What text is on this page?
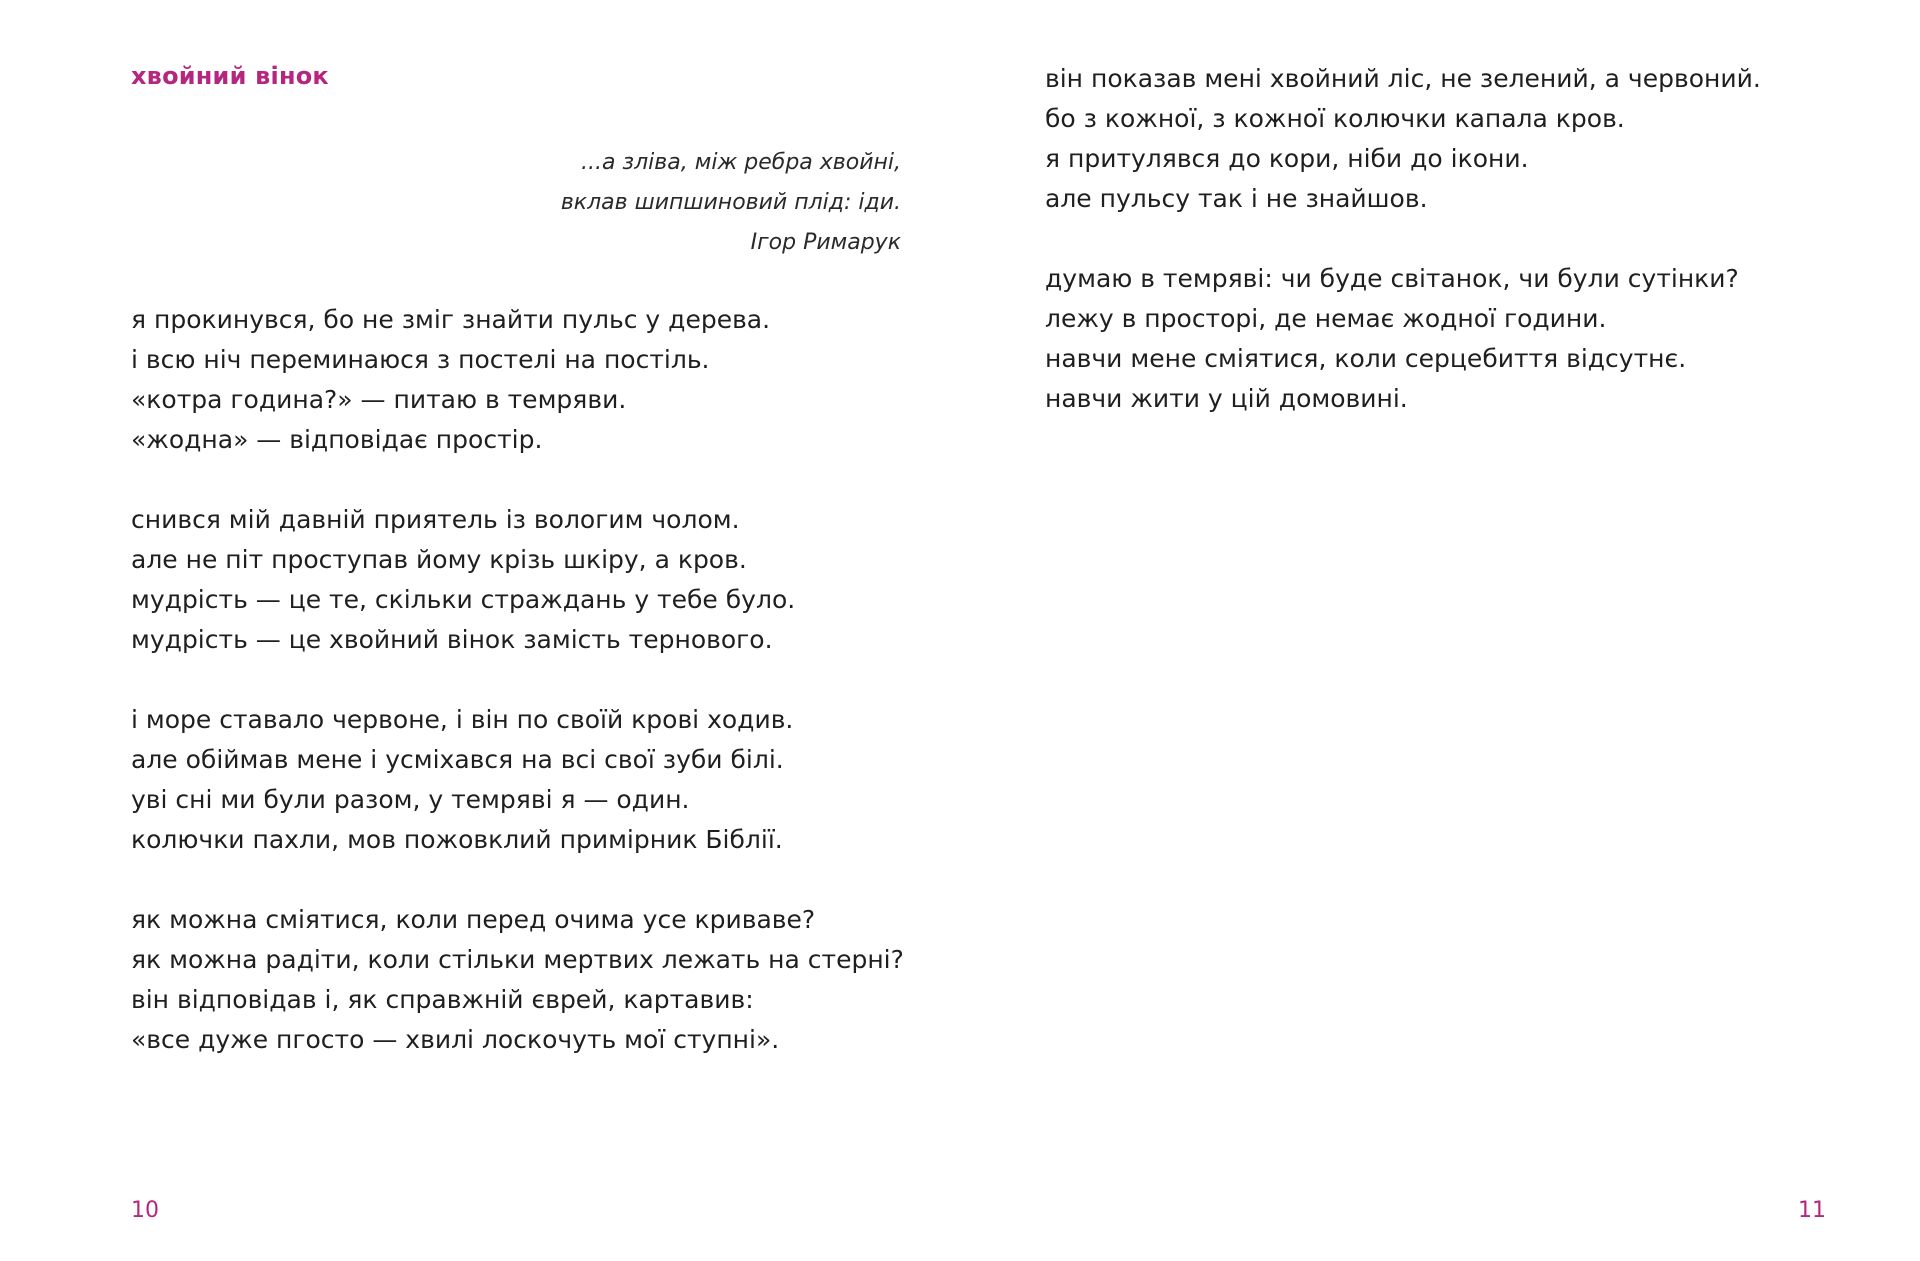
хвойний вінок
...а зліва, між ребра хвойні,
вклав шипшиновий плід: іди.
Ігор Римарук
я прокинувся, бо не зміг знайти пульс у дерева.
і всю ніч переминаюся з постелі на постіль.
«котра година?» — питаю в темряви.
«жодна» — відповідає простір.
снився мій давній приятель із вологим чолом.
але не піт проступав йому крізь шкіру, а кров.
мудрість — це те, скільки страждань у тебе було.
мудрість — це хвойний вінок замість тернового.
і море ставало червоне, і він по своїй крові ходив.
але обіймав мене і усміхався на всі свої зуби білі.
уві сні ми були разом, у темряві я — один.
колючки пахли, мов пожовклий примірник Біблії.
як можна сміятися, коли перед очима усе криваве?
як можна радіти, коли стільки мертвих лежать на стерні?
він відповідав і, як справжній єврей, картавив:
«все дуже пгосто — хвилі лоскочуть мої ступні».
10
він показав мені хвойний ліс, не зелений, а червоний.
бо з кожної, з кожної колючки капала кров.
я притулявся до кори, ніби до ікони.
але пульсу так і не знайшов.
думаю в темряві: чи буде світанок, чи були сутінки?
лежу в просторі, де немає жодної години.
навчи мене сміятися, коли серцебиття відсутнє.
навчи жити у цій домовині.
11
